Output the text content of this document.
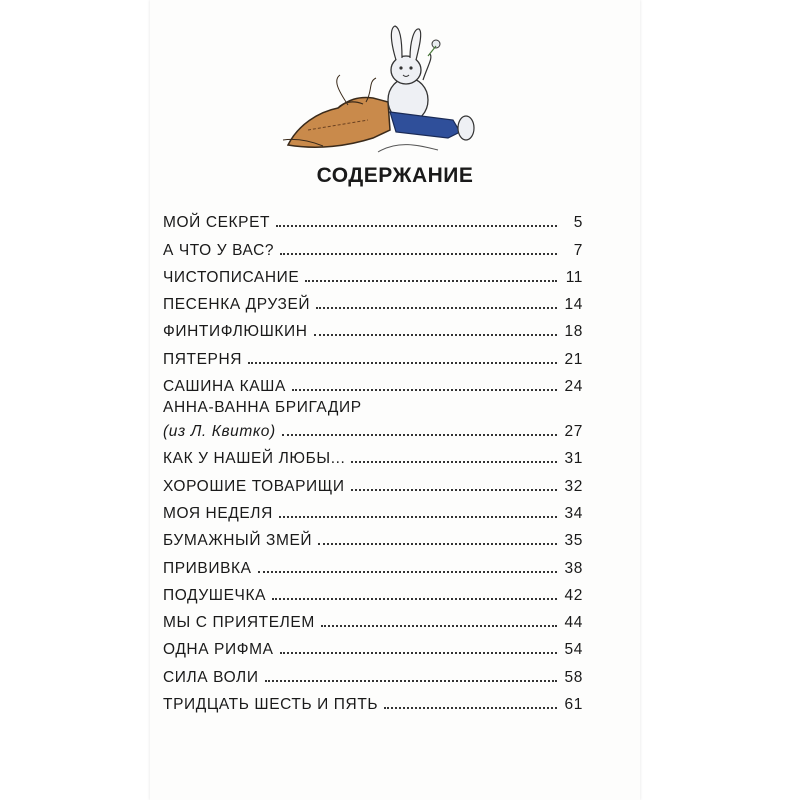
СОДЕРЖАНИЕ
МОЙ СЕКРЕТ	5
А ЧТО У ВАС?	7
ЧИСТОПИСАНИЕ	11
ПЕСЕНКА ДРУЗЕЙ	14
ФИНТИФЛЮШКИН	18
ПЯТЕРНЯ	21
САШИНА КАША	24
АННА-ВАННА БРИГАДИР
(из Л. Квитко)	27
КАК У НАШЕЙ ЛЮБЫ...	31
ХОРОШИЕ ТОВАРИЩИ	32
МОЯ НЕДЕЛЯ	34
БУМАЖНЫЙ ЗМЕЙ	35
ПРИВИВКА	38
ПОДУШЕЧКА	42
МЫ С ПРИЯТЕЛЕМ	44
ОДНА РИФМА	54
СИЛА ВОЛИ	58
ТРИДЦАТЬ ШЕСТЬ И ПЯТЬ	61
